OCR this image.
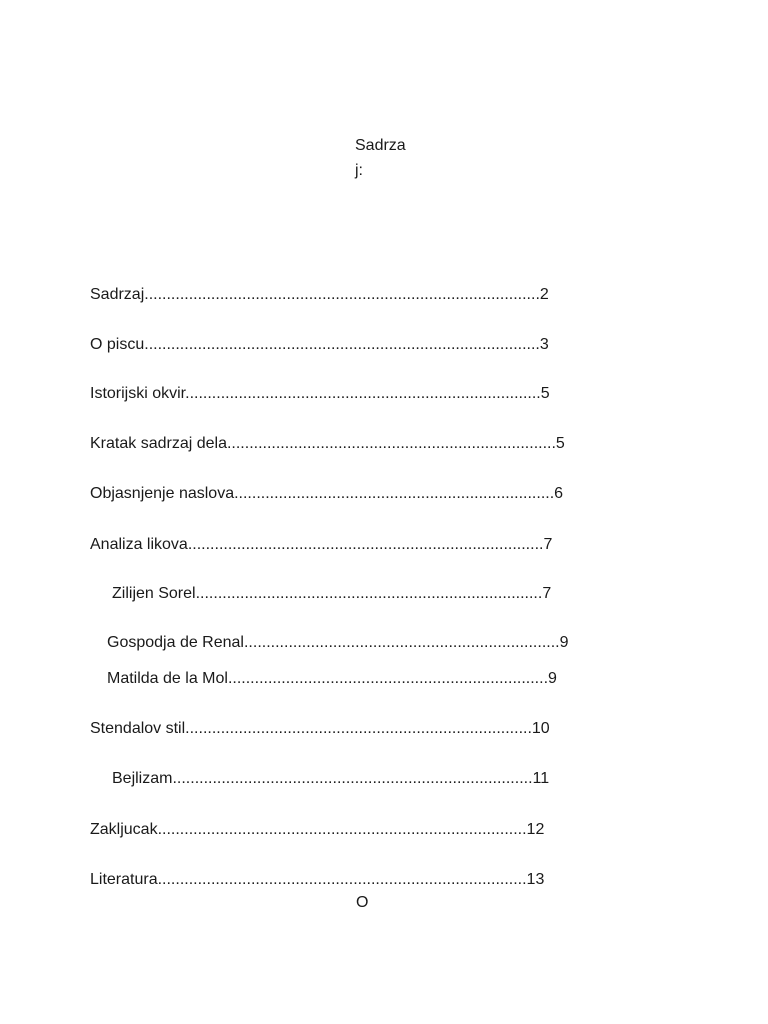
Sadrza
j:
Sadrzaj.........................................................................................2
O piscu.........................................................................................3
Istorijski okvir................................................................................5
Kratak sadrzaj dela..........................................................................5
Objasnjenje naslova........................................................................6
Analiza likova................................................................................7
Zilijen Sorel..............................................................................7
Gospodja de Renal.......................................................................9
Matilda de la Mol........................................................................9
Stendalov stil..............................................................................10
Bejlizam.................................................................................11
Zakljucak...................................................................................12
Literatura...................................................................................13
O
